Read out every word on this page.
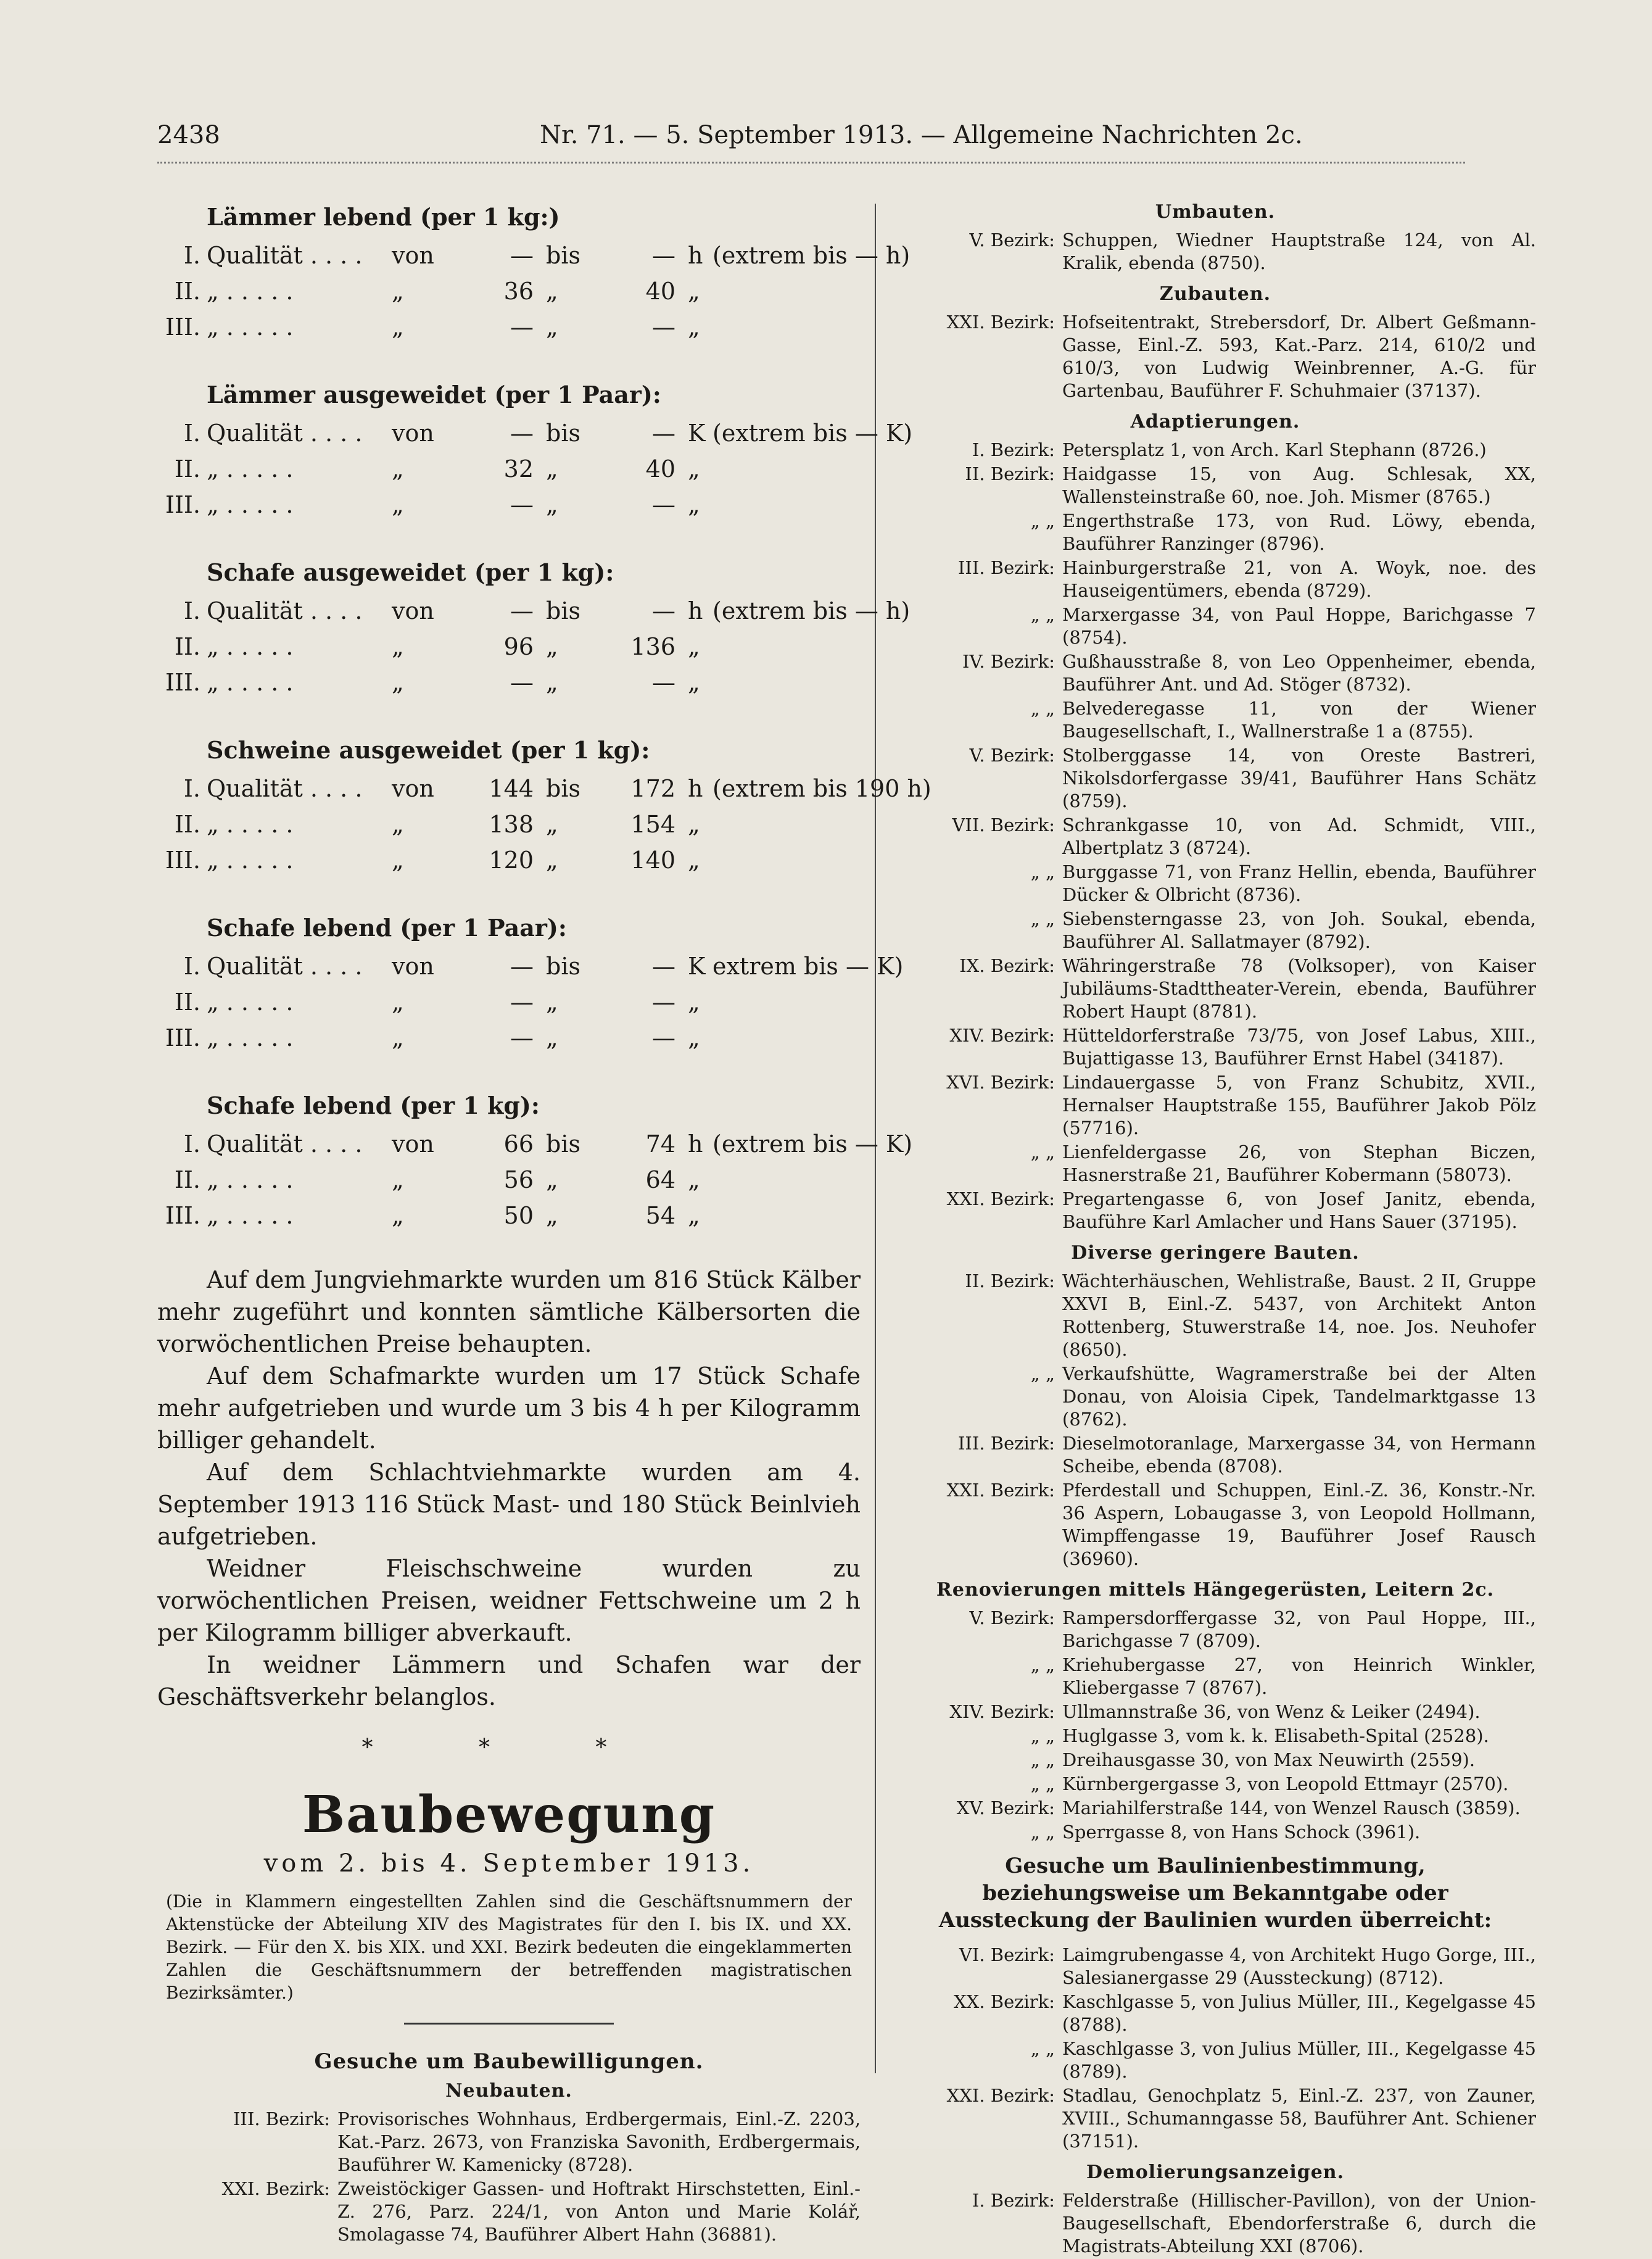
2438	Nr. 71. — 5. September 1913. — Allgemeine Nachrichten 2c.
Lämmer lebend (per 1 kg:)
I. Qualität . . . . von	— bis	— h (extrem bis — h)
II. „ . . . . .	„	36 „	40 „
III. „ . . . . .	„	— „	— „
Lämmer ausgeweidet (per 1 Paar):
I. Qualität . . . . von	— bis	— K (extrem bis — K)
II. „ . . . . .	„	32 „	40 „
III. „ . . . . .	„	— „	— „
Schafe ausgeweidet (per 1 kg):
I. Qualität . . . . von	— bis	— h (extrem bis — h)
II. „ . . . . .	„	96 „	136 „
III. „ . . . . .	„	— „	— „
Schweine ausgeweidet (per 1 kg):
I. Qualität . . . . von	144 bis	172 h (extrem bis 190 h)
II. „ . . . . .	„	138 „	154 „
III. „ . . . . .	„	120 „	140 „
Schafe lebend (per 1 Paar):
I. Qualität . . . . von	— bis	— K extrem bis — K)
II. „ . . . . .	„	— „	— „
III. „ . . . . .	„	— „	— „
Schafe lebend (per 1 kg):
I. Qualität . . . . von	66 bis	74 h (extrem bis — K)
II. „ . . . . .	„	56 „	64 „
III. „ . . . . .	„	50 „	54 „

Auf dem Jungviehmarkte wurden um 816 Stück Kälber mehr zugeführt und konnten sämtliche Kälbersorten die vorwöchentlichen Preise behaupten.

Auf dem Schafmarkte wurden um 17 Stück Schafe mehr aufgetrieben und wurde um 3 bis 4 h per Kilogramm billiger gehandelt.

Auf dem Schlachtviehmarkte wurden am 4. September 1913 116 Stück Mast- und 180 Stück Beinlvieh aufgetrieben.

Weidner Fleischschweine wurden zu vorwöchentlichen Preisen, weidner Fettschweine um 2 h per Kilogramm billiger abverkauft.

In weidner Lämmern und Schafen war der Geschäftsverkehr belanglos.

* * *
Baubewegung
vom 2. bis 4. September 1913.
(Die in Klammern eingestellten Zahlen sind die Geschäftsnummern der Aktenstücke der Abteilung XIV des Magistrates für den I. bis IX. und XX. Bezirk. — Für den X. bis XIX. und XXI. Bezirk bedeuten die eingeklammerten Zahlen die Geschäftsnummern der betreffenden magistratischen Bezirksämter.)
Gesuche um Baubewilligungen.
Neubauten.
III. Bezirk: Provisorisches Wohnhaus, Erdbergermais, Einl.-Z. 2203, Kat.-Parz. 2673, von Franziska Savonith, Erdbergermais, Bauführer W. Kamenicky (8728).
XXI. Bezirk: Zweistöckiger Gassen- und Hoftrakt Hirschstetten, Einl.-Z. 276, Parz. 224/1, von Anton und Marie Kolář, Smolagasse 74, Bauführer Albert Hahn (36881).
Umbauten.
V. Bezirk: Schuppen, Wiedner Hauptstraße 124, von Al. Kralik, ebenda (8750).
Zubauten.
XXI. Bezirk: Hofseitentrakt, Strebersdorf, Dr. Albert Geßmann-Gasse, Einl.-Z. 593, Kat.-Parz. 214, 610/2 und 610/3, von Ludwig Weinbrenner, A.-G. für Gartenbau, Bauführer F. Schuhmaier (37137).
Adaptierungen.
I. Bezirk: Petersplatz 1, von Arch. Karl Stephann (8726.)
II. Bezirk: Haidgasse 15, von Aug. Schlesak, XX, Wallensteinstraße 60, noe. Joh. Mismer (8765.)
„ „ Engerthstraße 173, von Rud. Löwy, ebenda, Bauführer Ranzinger (8796).
III. Bezirk: Hainburgerstraße 21, von A. Woyk, noe. des Hauseigentümers, ebenda (8729).
„ „ Marxergasse 34, von Paul Hoppe, Barichgasse 7 (8754).
IV. Bezirk: Gußhausstraße 8, von Leo Oppenheimer, ebenda, Bauführer Ant. und Ad. Stöger (8732).
„ „ Belvederegasse 11, von der Wiener Baugesellschaft, I., Wallnerstraße 1 a (8755).
V. Bezirk: Stolberggasse 14, von Oreste Bastreri, Nikolsdorfergasse 39/41, Bauführer Hans Schätz (8759).
VII. Bezirk: Schrankgasse 10, von Ad. Schmidt, VIII., Albertplatz 3 (8724).
„ „ Burggasse 71, von Franz Hellin, ebenda, Bauführer Dücker & Olbricht (8736).
„ „ Siebensterngasse 23, von Joh. Soukal, ebenda, Bauführer Al. Sallatmayer (8792).
IX. Bezirk: Währingerstraße 78 (Volksoper), von Kaiser Jubiläums-Stadttheater-Verein, ebenda, Bauführer Robert Haupt (8781).
XIV. Bezirk: Hütteldorferstraße 73/75, von Josef Labus, XIII., Bujattigasse 13, Bauführer Ernst Habel (34187).
XVI. Bezirk: Lindauergasse 5, von Franz Schubitz, XVII., Hernalser Hauptstraße 155, Bauführer Jakob Pölz (57716).
„ „ Lienfeldergasse 26, von Stephan Biczen, Hasnerstraße 21, Bauführer Kobermann (58073).
XXI. Bezirk: Pregartengasse 6, von Josef Janitz, ebenda, Bauführe Karl Amlacher und Hans Sauer (37195).
Diverse geringere Bauten.
II. Bezirk: Wächterhäuschen, Wehlistraße, Baust. 2 II, Gruppe XXVI B, Einl.-Z. 5437, von Architekt Anton Rottenberg, Stuwerstraße 14, noe. Jos. Neuhofer (8650).
„ „ Verkaufshütte, Wagramerstraße bei der Alten Donau, von Aloisia Cipek, Tandelmarktgasse 13 (8762).
III. Bezirk: Dieselmotoranlage, Marxergasse 34, von Hermann Scheibe, ebenda (8708).
XXI. Bezirk: Pferdestall und Schuppen, Einl.-Z. 36, Konstr.-Nr. 36 Aspern, Lobaugasse 3, von Leopold Hollmann, Wimpffengasse 19, Bauführer Josef Rausch (36960).
Renovierungen mittels Hängegerüsten, Leitern 2c.
V. Bezirk: Rampersdorffergasse 32, von Paul Hoppe, III., Barichgasse 7 (8709).
„ „ Kriehubergasse 27, von Heinrich Winkler, Kliebergasse 7 (8767).
XIV. Bezirk: Ullmannstraße 36, von Wenz & Leiker (2494).
„ „ Huglgasse 3, vom k. k. Elisabeth-Spital (2528).
„ „ Dreihausgasse 30, von Max Neuwirth (2559).
„ „ Kürnbergergasse 3, von Leopold Ettmayr (2570).
XV. Bezirk: Mariahilferstraße 144, von Wenzel Rausch (3859).
„ „ Sperrgasse 8, von Hans Schock (3961).
Gesuche um Baulinienbestimmung, beziehungsweise um Bekanntgabe oder Aussteckung der Baulinien wurden überreicht:
VI. Bezirk: Laimgrubengasse 4, von Architekt Hugo Gorge, III., Salesianergasse 29 (Aussteckung) (8712).
XX. Bezirk: Kaschlgasse 5, von Julius Müller, III., Kegelgasse 45 (8788).
„ „ Kaschlgasse 3, von Julius Müller, III., Kegelgasse 45 (8789).
XXI. Bezirk: Stadlau, Genochplatz 5, Einl.-Z. 237, von Zauner, XVIII., Schumanngasse 58, Bauführer Ant. Schiener (37151).
Demolierungsanzeigen.
I. Bezirk: Felderstraße (Hillischer-Pavillon), von der Union-Baugesellschaft, Ebendorferstraße 6, durch die Magistrats-Abteilung XXI (8706).
